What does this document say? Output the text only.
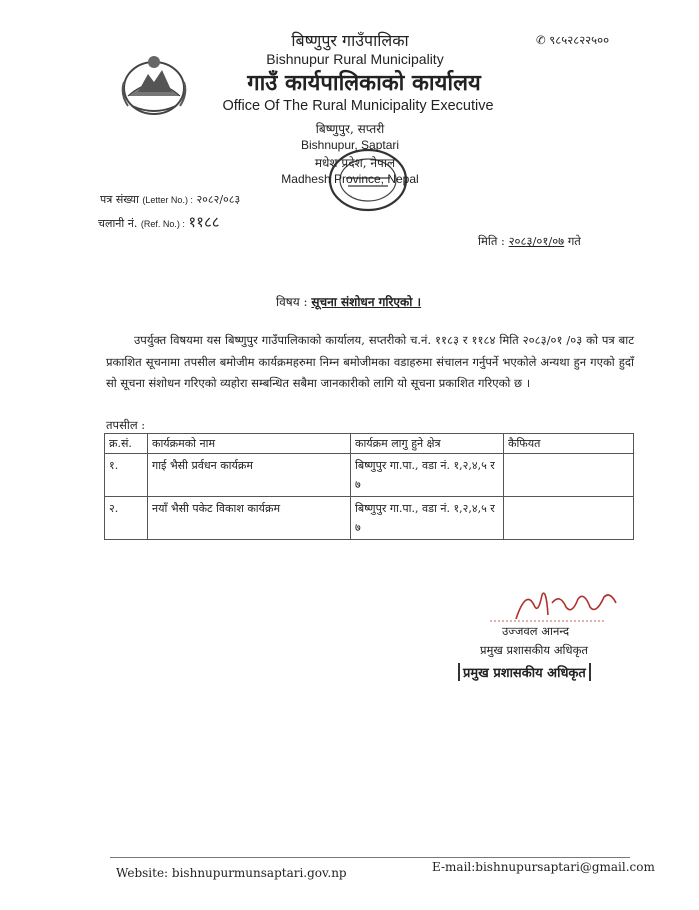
बिष्णुपुर गाउँपालिका
Bishnupur Rural Municipality
गाउँ कार्यपालिकाको कार्यालय
Office Of The Rural Municipality Executive
बिष्णुपुर, सप्तरी
Bishnupur, Saptari
मधेश प्रदेश, नेपाल
Madhesh Province, Nepal
✆ ९८५२८२२५००
पत्र संख्या (Letter No.) : २०८२/०८३
चलानी नं. (Ref. No.) : ११८८
मिति : २०८३/०१/०७ गते
विषय : सूचना संशोधन गरिएको ।
उपर्युक्त विषयमा यस बिष्णुपुर गाउँपालिकाको कार्यालय, सप्तरीको च.नं. ११८३ र ११८४ मिति २०८३/०१ /०३ को पत्र बाट प्रकाशित सूचनामा तपसील बमोजीम कार्यक्रमहरुमा निम्न बमोजीमका वडाहरुमा संचालन गर्नुपर्ने भएकोले अन्यथा हुन गएको हुदाँ सो सूचना संशोधन गरिएको व्यहोरा सम्बन्धित सबैमा जानकारीको लागि यो सूचना प्रकाशित गरिएको छ ।
तपसील :
क्र.सं.	कार्यक्रमको नाम	कार्यक्रम लागु हुने क्षेत्र	कैफियत
१.	गाई भैसी प्रर्वधन कार्यक्रम	बिष्णुपुर गा.पा., वडा नं. १,२,४,५ र ७	
२.	नयाँ भैसी पकेट विकाश कार्यक्रम	बिष्णुपुर गा.पा., वडा नं. १,२,४,५ र ७	
उज्जवल आनन्द
प्रमुख प्रशासकीय अधिकृत
प्रमुख प्रशासकीय अधिकृत
Website: bishnupurmunsaptari.gov.np	E-mail:bishnupursaptari@gmail.com
